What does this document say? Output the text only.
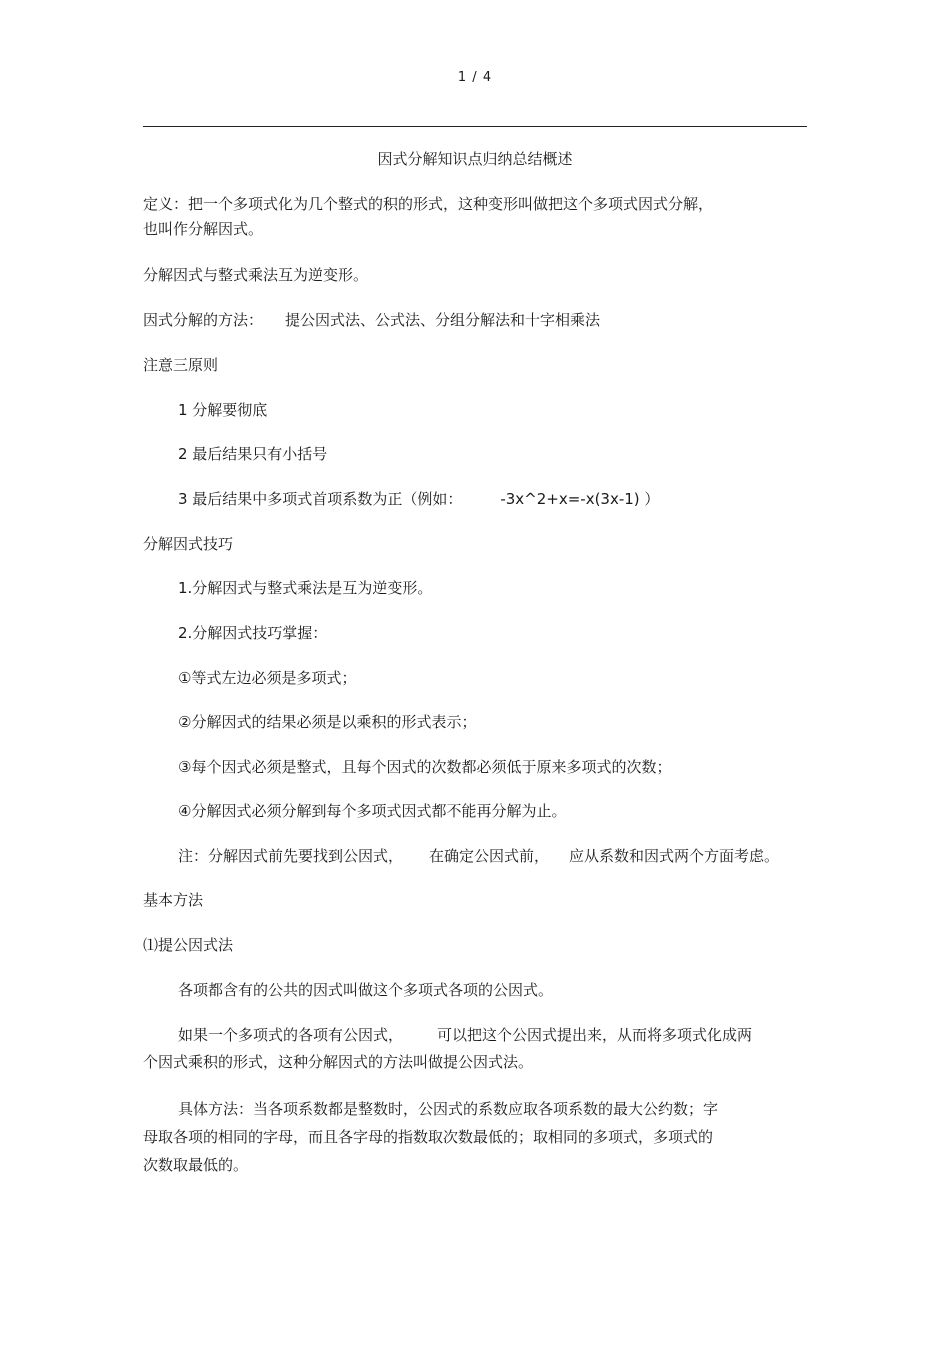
1 / 4
因式分解知识点归纳总结概述
定义：把一个多项式化为几个整式的积的形式，这种变形叫做把这个多项式因式分解，
也叫作分解因式。
分解因式与整式乘法互为逆变形。
因式分解的方法： 提公因式法、公式法、分组分解法和十字相乘法
注意三原则
1 分解要彻底
2 最后结果只有小括号
3 最后结果中多项式首项系数为正（例如：	-3x^2+x=-x(3x-1) ）
分解因式技巧
1.分解因式与整式乘法是互为逆变形。
2.分解因式技巧掌握：
①等式左边必须是多项式；
②分解因式的结果必须是以乘积的形式表示；
③每个因式必须是整式，且每个因式的次数都必须低于原来多项式的次数；
④分解因式必须分解到每个多项式因式都不能再分解为止。
注：分解因式前先要找到公因式， 在确定公因式前， 应从系数和因式两个方面考虑。
基本方法
⑴提公因式法
各项都含有的公共的因式叫做这个多项式各项的公因式。
如果一个多项式的各项有公因式， 可以把这个公因式提出来，从而将多项式化成两
个因式乘积的形式，这种分解因式的方法叫做提公因式法。
具体方法：当各项系数都是整数时，公因式的系数应取各项系数的最大公约数；字
母取各项的相同的字母，而且各字母的指数取次数最低的；取相同的多项式，多项式的
次数取最低的。
